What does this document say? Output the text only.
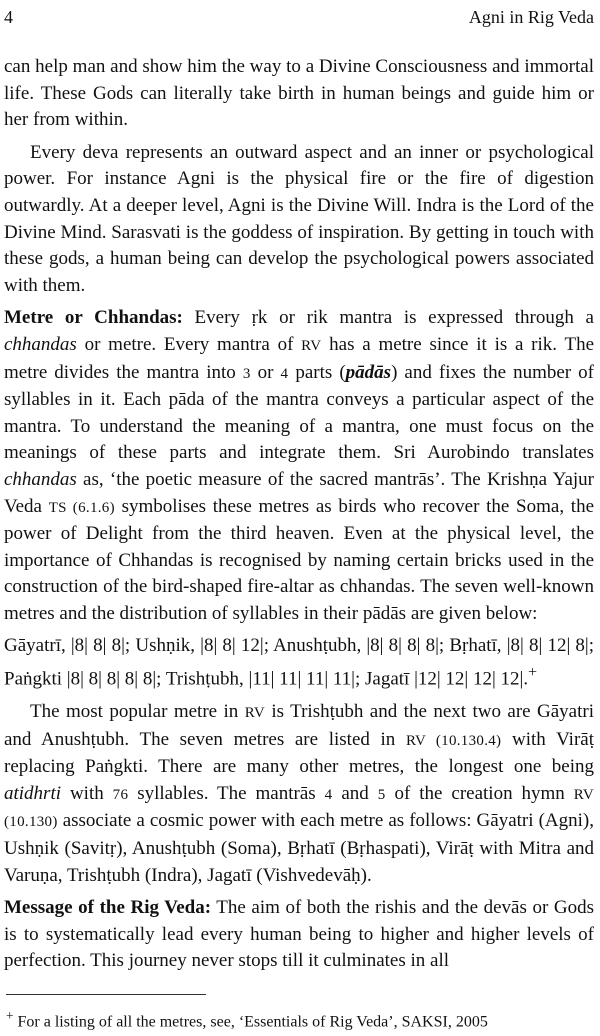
4	Agni in Rig Veda

can help man and show him the way to a Divine Consciousness and immortal life. These Gods can literally take birth in human beings and guide him or her from within.

Every deva represents an outward aspect and an inner or psychological power. For instance Agni is the physical fire or the fire of digestion outwardly. At a deeper level, Agni is the Divine Will. Indra is the Lord of the Divine Mind. Sarasvati is the goddess of inspiration. By getting in touch with these gods, a human being can develop the psychological powers associated with them.

Metre or Chhandas: Every ṛk or rik mantra is expressed through a chhandas or metre. Every mantra of RV has a metre since it is a rik. The metre divides the mantra into 3 or 4 parts (pādās) and fixes the number of syllables in it. Each pāda of the mantra conveys a particular aspect of the mantra. To understand the meaning of a mantra, one must focus on the meanings of these parts and integrate them. Sri Aurobindo translates chhandas as, ‘the poetic measure of the sacred mantrās’. The Krishṇa Yajur Veda TS (6.1.6) symbolises these metres as birds who recover the Soma, the power of Delight from the third heaven. Even at the physical level, the importance of Chhandas is recognised by naming certain bricks used in the construction of the bird-shaped fire-altar as chhandas. The seven well-known metres and the distribution of syllables in their pādās are given below:

Gāyatrī, |8| 8| 8|; Ushṇik, |8| 8| 12|; Anushṭubh, |8| 8| 8| 8|; Bṛhatī, |8| 8| 12| 8|; Paṅgkti |8| 8| 8| 8| 8|; Trishṭubh, |11| 11| 11| 11|; Jagatī |12| 12| 12| 12|.+

The most popular metre in RV is Trishṭubh and the next two are Gāyatri and Anushṭubh. The seven metres are listed in RV (10.130.4) with Virāṭ replacing Paṅgkti. There are many other metres, the longest one being atidhrti with 76 syllables. The mantrās 4 and 5 of the creation hymn RV (10.130) associate a cosmic power with each metre as follows: Gāyatri (Agni), Ushṇik (Savitṛ), Anushṭubh (Soma), Bṛhatī (Bṛhaspati), Virāṭ with Mitra and Varuṇa, Trishṭubh (Indra), Jagatī (Vishvedevāḥ).

Message of the Rig Veda: The aim of both the rishis and the devās or Gods is to systematically lead every human being to higher and higher levels of perfection. This journey never stops till it culminates in all

+ For a listing of all the metres, see, ‘Essentials of Rig Veda’, SAKSI, 2005
